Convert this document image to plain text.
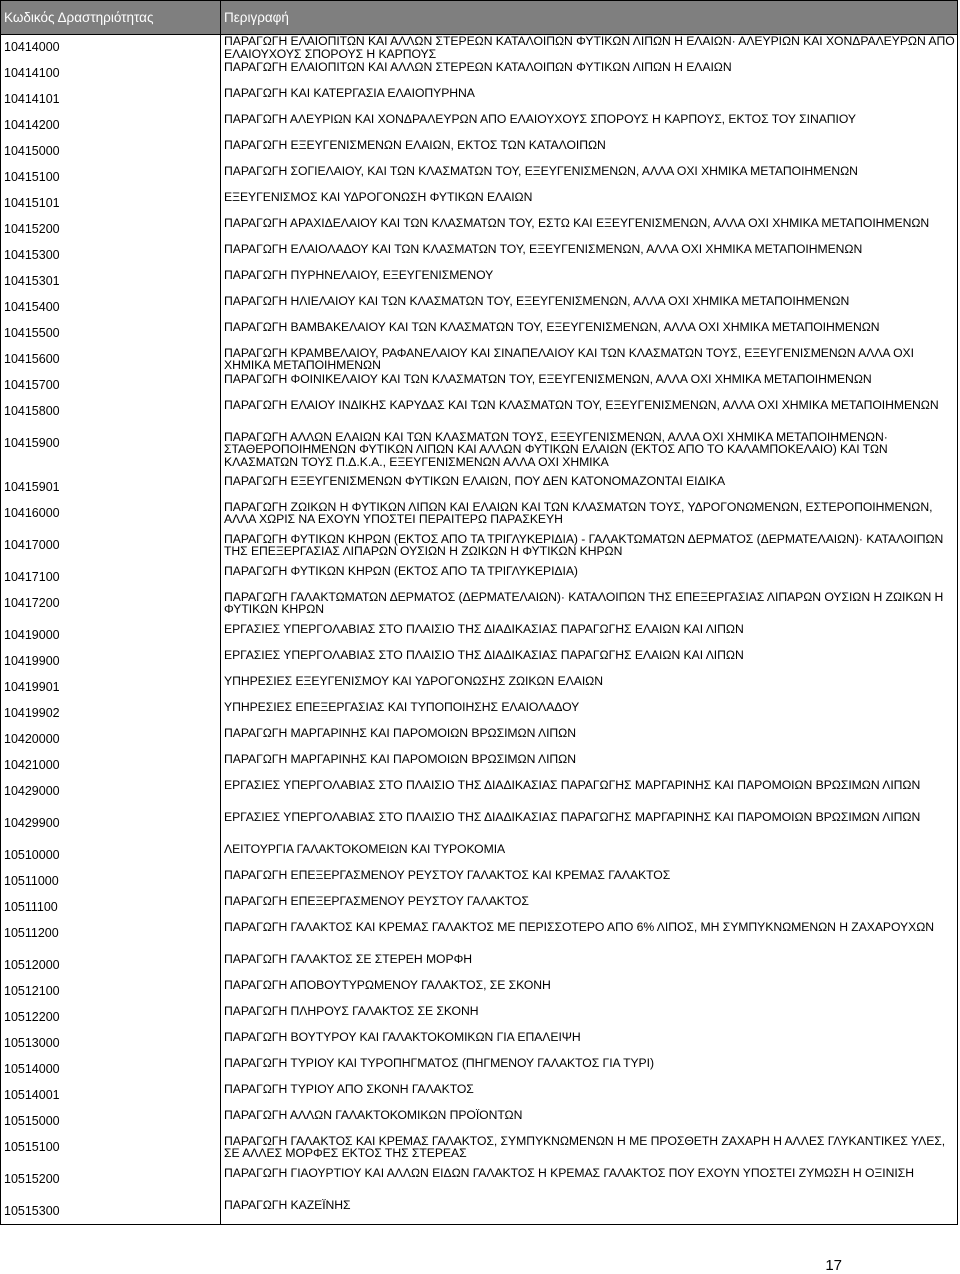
Κωδικός Δραστηριότητας	Περιγραφή
10414000	ΠΑΡΑΓΩΓΗ ΕΛΑΙΟΠΙΤΩΝ ΚΑΙ ΑΛΛΩΝ ΣΤΕΡΕΩΝ ΚΑΤΑΛΟΙΠΩΝ ΦΥΤΙΚΩΝ ΛΙΠΩΝ Η ΕΛΑΙΩΝ· ΑΛΕΥΡΙΩΝ ΚΑΙ ΧΟΝΔΡΑΛΕΥΡΩΝ ΑΠΟ ΕΛΑΙΟΥΧΟΥΣ ΣΠΟΡΟΥΣ Η ΚΑΡΠΟΥΣ
10414100	ΠΑΡΑΓΩΓΗ ΕΛΑΙΟΠΙΤΩΝ ΚΑΙ ΑΛΛΩΝ ΣΤΕΡΕΩΝ ΚΑΤΑΛΟΙΠΩΝ ΦΥΤΙΚΩΝ ΛΙΠΩΝ Η ΕΛΑΙΩΝ
10414101	ΠΑΡΑΓΩΓΗ ΚΑΙ ΚΑΤΕΡΓΑΣΙΑ ΕΛΑΙΟΠΥΡΗΝΑ
10414200	ΠΑΡΑΓΩΓΗ ΑΛΕΥΡΙΩΝ ΚΑΙ ΧΟΝΔΡΑΛΕΥΡΩΝ ΑΠΟ ΕΛΑΙΟΥΧΟΥΣ ΣΠΟΡΟΥΣ Η ΚΑΡΠΟΥΣ, ΕΚΤΟΣ ΤΟΥ ΣΙΝΑΠΙΟΥ
10415000	ΠΑΡΑΓΩΓΗ ΕΞΕΥΓΕΝΙΣΜΕΝΩΝ ΕΛΑΙΩΝ, ΕΚΤΟΣ ΤΩΝ ΚΑΤΑΛΟΙΠΩΝ
10415100	ΠΑΡΑΓΩΓΗ ΣΟΓΙΕΛΑΙΟΥ, ΚΑΙ ΤΩΝ ΚΛΑΣΜΑΤΩΝ ΤΟΥ, ΕΞΕΥΓΕΝΙΣΜΕΝΩΝ, ΑΛΛΑ ΟΧΙ ΧΗΜΙΚΑ ΜΕΤΑΠΟΙΗΜΕΝΩΝ
10415101	ΕΞΕΥΓΕΝΙΣΜΟΣ ΚΑΙ ΥΔΡΟΓΟΝΩΣΗ ΦΥΤΙΚΩΝ ΕΛΑΙΩΝ
10415200	ΠΑΡΑΓΩΓΗ ΑΡΑΧΙΔΕΛΑΙΟΥ ΚΑΙ ΤΩΝ ΚΛΑΣΜΑΤΩΝ ΤΟΥ, ΕΣΤΩ ΚΑΙ ΕΞΕΥΓΕΝΙΣΜΕΝΩΝ, ΑΛΛΑ ΟΧΙ ΧΗΜΙΚΑ ΜΕΤΑΠΟΙΗΜΕΝΩΝ
10415300	ΠΑΡΑΓΩΓΗ ΕΛΑΙΟΛΑΔΟΥ ΚΑΙ ΤΩΝ ΚΛΑΣΜΑΤΩΝ ΤΟΥ, ΕΞΕΥΓΕΝΙΣΜΕΝΩΝ, ΑΛΛΑ ΟΧΙ ΧΗΜΙΚΑ ΜΕΤΑΠΟΙΗΜΕΝΩΝ
10415301	ΠΑΡΑΓΩΓΗ ΠΥΡΗΝΕΛΑΙΟΥ, ΕΞΕΥΓΕΝΙΣΜΕΝΟΥ
10415400	ΠΑΡΑΓΩΓΗ ΗΛΙΕΛΑΙΟΥ ΚΑΙ ΤΩΝ ΚΛΑΣΜΑΤΩΝ ΤΟΥ, ΕΞΕΥΓΕΝΙΣΜΕΝΩΝ, ΑΛΛΑ ΟΧΙ ΧΗΜΙΚΑ ΜΕΤΑΠΟΙΗΜΕΝΩΝ
10415500	ΠΑΡΑΓΩΓΗ ΒΑΜΒΑΚΕΛΑΙΟΥ ΚΑΙ ΤΩΝ ΚΛΑΣΜΑΤΩΝ ΤΟΥ, ΕΞΕΥΓΕΝΙΣΜΕΝΩΝ, ΑΛΛΑ ΟΧΙ ΧΗΜΙΚΑ ΜΕΤΑΠΟΙΗΜΕΝΩΝ
10415600	ΠΑΡΑΓΩΓΗ ΚΡΑΜΒΕΛΑΙΟΥ, ΡΑΦΑΝΕΛΑΙΟΥ ΚΑΙ ΣΙΝΑΠΕΛΑΙΟΥ ΚΑΙ ΤΩΝ ΚΛΑΣΜΑΤΩΝ ΤΟΥΣ, ΕΞΕΥΓΕΝΙΣΜΕΝΩΝ ΑΛΛΑ ΟΧΙ ΧΗΜΙΚΑ ΜΕΤΑΠΟΙΗΜΕΝΩΝ
10415700	ΠΑΡΑΓΩΓΗ ΦΟΙΝΙΚΕΛΑΙΟΥ ΚΑΙ ΤΩΝ ΚΛΑΣΜΑΤΩΝ ΤΟΥ, ΕΞΕΥΓΕΝΙΣΜΕΝΩΝ, ΑΛΛΑ ΟΧΙ ΧΗΜΙΚΑ ΜΕΤΑΠΟΙΗΜΕΝΩΝ
10415800	ΠΑΡΑΓΩΓΗ ΕΛΑΙΟΥ ΙΝΔΙΚΗΣ ΚΑΡΥΔΑΣ ΚΑΙ ΤΩΝ ΚΛΑΣΜΑΤΩΝ ΤΟΥ, ΕΞΕΥΓΕΝΙΣΜΕΝΩΝ, ΑΛΛΑ ΟΧΙ ΧΗΜΙΚΑ ΜΕΤΑΠΟΙΗΜΕΝΩΝ
10415900	ΠΑΡΑΓΩΓΗ ΑΛΛΩΝ ΕΛΑΙΩΝ ΚΑΙ ΤΩΝ ΚΛΑΣΜΑΤΩΝ ΤΟΥΣ, ΕΞΕΥΓΕΝΙΣΜΕΝΩΝ, ΑΛΛΑ ΟΧΙ ΧΗΜΙΚΑ ΜΕΤΑΠΟΙΗΜΕΝΩΝ· ΣΤΑΘΕΡΟΠΟΙΗΜΕΝΩΝ ΦΥΤΙΚΩΝ ΛΙΠΩΝ ΚΑΙ ΑΛΛΩΝ ΦΥΤΙΚΩΝ ΕΛΑΙΩΝ (ΕΚΤΟΣ ΑΠΟ ΤΟ ΚΑΛΑΜΠΟΚΕΛΑΙΟ) ΚΑΙ ΤΩΝ ΚΛΑΣΜΑΤΩΝ ΤΟΥΣ Π.Δ.Κ.Α., ΕΞΕΥΓΕΝΙΣΜΕΝΩΝ ΑΛΛΑ ΟΧΙ ΧΗΜΙΚΑ
10415901	ΠΑΡΑΓΩΓΗ ΕΞΕΥΓΕΝΙΣΜΕΝΩΝ ΦΥΤΙΚΩΝ ΕΛΑΙΩΝ, ΠΟΥ ΔΕΝ ΚΑΤΟΝΟΜΑΖΟΝΤΑΙ ΕΙΔΙΚΑ
10416000	ΠΑΡΑΓΩΓΗ ΖΩΙΚΩΝ Η ΦΥΤΙΚΩΝ ΛΙΠΩΝ ΚΑΙ ΕΛΑΙΩΝ ΚΑΙ ΤΩΝ ΚΛΑΣΜΑΤΩΝ ΤΟΥΣ, ΥΔΡΟΓΟΝΩΜΕΝΩΝ, ΕΣΤΕΡΟΠΟΙΗΜΕΝΩΝ, ΑΛΛΑ ΧΩΡΙΣ ΝΑ ΕΧΟΥΝ ΥΠΟΣΤΕΙ ΠΕΡΑΙΤΕΡΩ ΠΑΡΑΣΚΕΥΗ
10417000	ΠΑΡΑΓΩΓΗ ΦΥΤΙΚΩΝ ΚΗΡΩΝ (ΕΚΤΟΣ ΑΠΟ ΤΑ ΤΡΙΓΛΥΚΕΡΙΔΙΑ) - ΓΑΛΑΚΤΩΜΑΤΩΝ ΔΕΡΜΑΤΟΣ (ΔΕΡΜΑΤΕΛΑΙΩΝ)· ΚΑΤΑΛΟΙΠΩΝ ΤΗΣ ΕΠΕΞΕΡΓΑΣΙΑΣ ΛΙΠΑΡΩΝ ΟΥΣΙΩΝ Η ΖΩΙΚΩΝ Η ΦΥΤΙΚΩΝ ΚΗΡΩΝ
10417100	ΠΑΡΑΓΩΓΗ ΦΥΤΙΚΩΝ ΚΗΡΩΝ (ΕΚΤΟΣ ΑΠΟ ΤΑ ΤΡΙΓΛΥΚΕΡΙΔΙΑ)
10417200	ΠΑΡΑΓΩΓΗ ΓΑΛΑΚΤΩΜΑΤΩΝ ΔΕΡΜΑΤΟΣ (ΔΕΡΜΑΤΕΛΑΙΩΝ)· ΚΑΤΑΛΟΙΠΩΝ ΤΗΣ ΕΠΕΞΕΡΓΑΣΙΑΣ ΛΙΠΑΡΩΝ ΟΥΣΙΩΝ Η ΖΩΙΚΩΝ Η ΦΥΤΙΚΩΝ ΚΗΡΩΝ
10419000	ΕΡΓΑΣΙΕΣ ΥΠΕΡΓΟΛΑΒΙΑΣ ΣΤΟ ΠΛΑΙΣΙΟ ΤΗΣ ΔΙΑΔΙΚΑΣΙΑΣ ΠΑΡΑΓΩΓΗΣ ΕΛΑΙΩΝ ΚΑΙ ΛΙΠΩΝ
10419900	ΕΡΓΑΣΙΕΣ ΥΠΕΡΓΟΛΑΒΙΑΣ ΣΤΟ ΠΛΑΙΣΙΟ ΤΗΣ ΔΙΑΔΙΚΑΣΙΑΣ ΠΑΡΑΓΩΓΗΣ ΕΛΑΙΩΝ ΚΑΙ ΛΙΠΩΝ
10419901	ΥΠΗΡΕΣΙΕΣ ΕΞΕΥΓΕΝΙΣΜΟΥ ΚΑΙ ΥΔΡΟΓΟΝΩΣΗΣ ΖΩΙΚΩΝ ΕΛΑΙΩΝ
10419902	ΥΠΗΡΕΣΙΕΣ ΕΠΕΞΕΡΓΑΣΙΑΣ ΚΑΙ ΤΥΠΟΠΟΙΗΣΗΣ ΕΛΑΙΟΛΑΔΟΥ
10420000	ΠΑΡΑΓΩΓΗ ΜΑΡΓΑΡΙΝΗΣ ΚΑΙ ΠΑΡΟΜΟΙΩΝ ΒΡΩΣΙΜΩΝ ΛΙΠΩΝ
10421000	ΠΑΡΑΓΩΓΗ ΜΑΡΓΑΡΙΝΗΣ ΚΑΙ ΠΑΡΟΜΟΙΩΝ ΒΡΩΣΙΜΩΝ ΛΙΠΩΝ
10429000	ΕΡΓΑΣΙΕΣ ΥΠΕΡΓΟΛΑΒΙΑΣ ΣΤΟ ΠΛΑΙΣΙΟ ΤΗΣ ΔΙΑΔΙΚΑΣΙΑΣ ΠΑΡΑΓΩΓΗΣ ΜΑΡΓΑΡΙΝΗΣ ΚΑΙ ΠΑΡΟΜΟΙΩΝ ΒΡΩΣΙΜΩΝ ΛΙΠΩΝ
10429900	ΕΡΓΑΣΙΕΣ ΥΠΕΡΓΟΛΑΒΙΑΣ ΣΤΟ ΠΛΑΙΣΙΟ ΤΗΣ ΔΙΑΔΙΚΑΣΙΑΣ ΠΑΡΑΓΩΓΗΣ ΜΑΡΓΑΡΙΝΗΣ ΚΑΙ ΠΑΡΟΜΟΙΩΝ ΒΡΩΣΙΜΩΝ ΛΙΠΩΝ
10510000	ΛΕΙΤΟΥΡΓΙΑ ΓΑΛΑΚΤΟΚΟΜΕΙΩΝ ΚΑΙ ΤΥΡΟΚΟΜΙΑ
10511000	ΠΑΡΑΓΩΓΗ ΕΠΕΞΕΡΓΑΣΜΕΝΟΥ ΡΕΥΣΤΟΥ ΓΑΛΑΚΤΟΣ ΚΑΙ ΚΡΕΜΑΣ ΓΑΛΑΚΤΟΣ
10511100	ΠΑΡΑΓΩΓΗ ΕΠΕΞΕΡΓΑΣΜΕΝΟΥ ΡΕΥΣΤΟΥ ΓΑΛΑΚΤΟΣ
10511200	ΠΑΡΑΓΩΓΗ ΓΑΛΑΚΤΟΣ ΚΑΙ ΚΡΕΜΑΣ ΓΑΛΑΚΤΟΣ ΜΕ ΠΕΡΙΣΣΟΤΕΡΟ ΑΠΟ 6% ΛΙΠΟΣ, ΜΗ ΣΥΜΠΥΚΝΩΜΕΝΩΝ Η ΖΑΧΑΡΟΥΧΩΝ
10512000	ΠΑΡΑΓΩΓΗ ΓΑΛΑΚΤΟΣ ΣΕ ΣΤΕΡΕΗ ΜΟΡΦΗ
10512100	ΠΑΡΑΓΩΓΗ ΑΠΟΒΟΥΤΥΡΩΜΕΝΟΥ ΓΑΛΑΚΤΟΣ, ΣΕ ΣΚΟΝΗ
10512200	ΠΑΡΑΓΩΓΗ ΠΛΗΡΟΥΣ ΓΑΛΑΚΤΟΣ ΣΕ ΣΚΟΝΗ
10513000	ΠΑΡΑΓΩΓΗ ΒΟΥΤΥΡΟΥ ΚΑΙ ΓΑΛΑΚΤΟΚΟΜΙΚΩΝ ΓΙΑ ΕΠΑΛΕΙΨΗ
10514000	ΠΑΡΑΓΩΓΗ ΤΥΡΙΟΥ ΚΑΙ ΤΥΡΟΠΗΓΜΑΤΟΣ (ΠΗΓΜΕΝΟΥ ΓΑΛΑΚΤΟΣ ΓΙΑ ΤΥΡΙ)
10514001	ΠΑΡΑΓΩΓΗ ΤΥΡΙΟΥ ΑΠΟ ΣΚΟΝΗ ΓΑΛΑΚΤΟΣ
10515000	ΠΑΡΑΓΩΓΗ ΑΛΛΩΝ ΓΑΛΑΚΤΟΚΟΜΙΚΩΝ ΠΡΟΪΟΝΤΩΝ
10515100	ΠΑΡΑΓΩΓΗ ΓΑΛΑΚΤΟΣ ΚΑΙ ΚΡΕΜΑΣ ΓΑΛΑΚΤΟΣ, ΣΥΜΠΥΚΝΩΜΕΝΩΝ Η ΜΕ ΠΡΟΣΘΕΤΗ ΖΑΧΑΡΗ Η ΑΛΛΕΣ ΓΛΥΚΑΝΤΙΚΕΣ ΥΛΕΣ, ΣΕ ΑΛΛΕΣ ΜΟΡΦΕΣ ΕΚΤΟΣ ΤΗΣ ΣΤΕΡΕΑΣ
10515200	ΠΑΡΑΓΩΓΗ ΓΙΑΟΥΡΤΙΟΥ ΚΑΙ ΑΛΛΩΝ ΕΙΔΩΝ ΓΑΛΑΚΤΟΣ Η ΚΡΕΜΑΣ ΓΑΛΑΚΤΟΣ ΠΟΥ ΕΧΟΥΝ ΥΠΟΣΤΕΙ ΖΥΜΩΣΗ Η ΟΞΙΝΙΣΗ
10515300	ΠΑΡΑΓΩΓΗ ΚΑΖΕΪΝΗΣ
17
